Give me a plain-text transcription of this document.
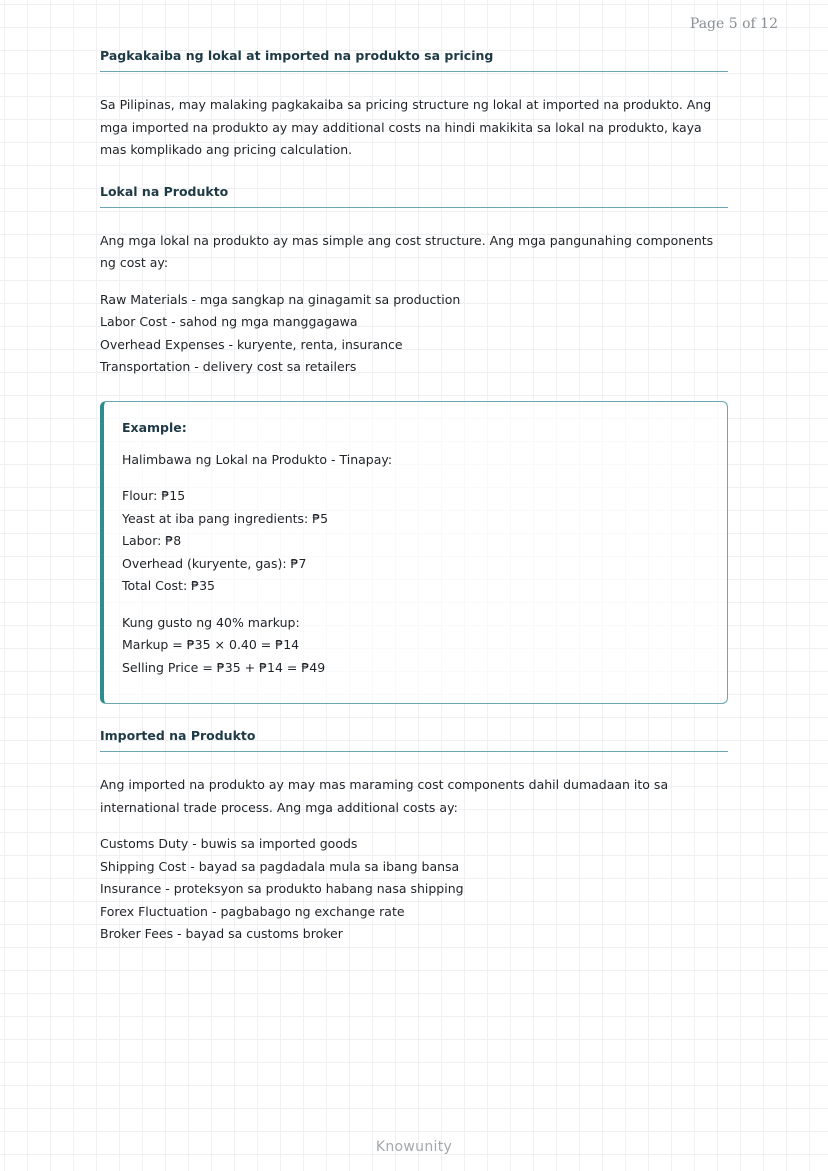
Page 5 of 12
Pagkakaiba ng lokal at imported na produkto sa pricing

Sa Pilipinas, may malaking pagkakaiba sa pricing structure ng lokal at imported na produkto. Ang mga imported na produkto ay may additional costs na hindi makikita sa lokal na produkto, kaya mas komplikado ang pricing calculation.

Lokal na Produkto

Ang mga lokal na produkto ay mas simple ang cost structure. Ang mga pangunahing components ng cost ay:

Raw Materials - mga sangkap na ginagamit sa production
Labor Cost - sahod ng mga manggagawa
Overhead Expenses - kuryente, renta, insurance
Transportation - delivery cost sa retailers
Example:

Halimbawa ng Lokal na Produkto - Tinapay:

Flour: ₱15
Yeast at iba pang ingredients: ₱5
Labor: ₱8
Overhead (kuryente, gas): ₱7
Total Cost: ₱35
Kung gusto ng 40% markup:
Markup = ₱35 × 0.40 = ₱14
Selling Price = ₱35 + ₱14 = ₱49
Imported na Produkto

Ang imported na produkto ay may mas maraming cost components dahil dumadaan ito sa international trade process. Ang mga additional costs ay:

Customs Duty - buwis sa imported goods
Shipping Cost - bayad sa pagdadala mula sa ibang bansa
Insurance - proteksyon sa produkto habang nasa shipping
Forex Fluctuation - pagbabago ng exchange rate
Broker Fees - bayad sa customs broker
Knowunity
